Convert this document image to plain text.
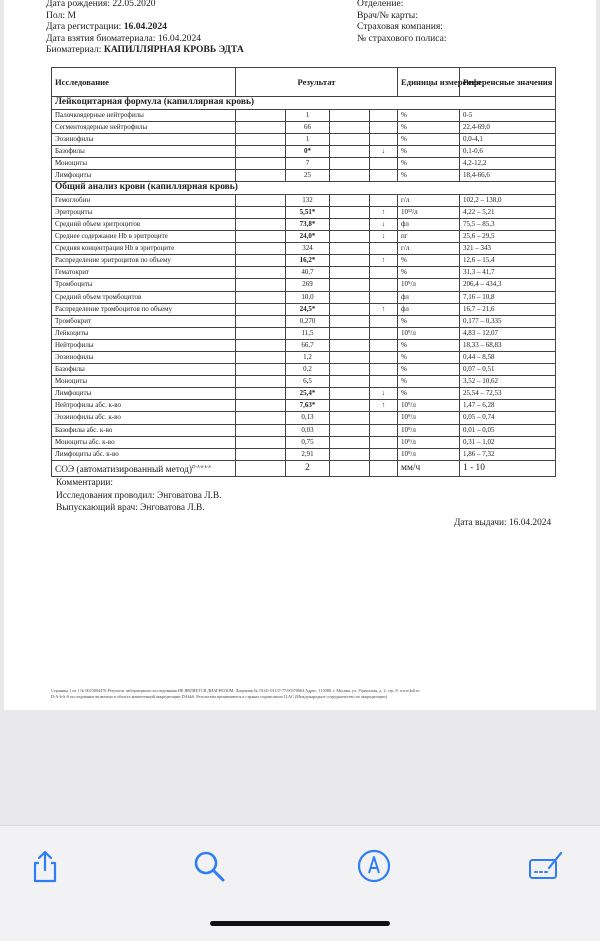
Дата рождения: 22.05.2020
Пол: М
Дата регистрации: 16.04.2024
Дата взятия биоматериала: 16.04.2024
Биоматериал: КАПИЛЛЯРНАЯ КРОВЬ ЭДТА
Отделение:
Врач/№ карты:
Страховая компания:
№ страхового полиса:
Исследование	Результат				Единицы измерения	Референсные значения
Лейкоцитарная формула (капиллярная кровь)						
Палочкоядерные нейтрофилы		1			%	0-5
Сегментоядерные нейтрофилы		66			%	22,4-69,0
Эозинофилы		1			%	0,0-4,1
Базофилы		0*		↓	%	0,1-0,6
Моноциты		7			%	4,2-12,2
Лимфоциты		25			%	18,4-66,6
Общий анализ крови (капиллярная кровь)						
Гемоглобин		132			г/л	102,2 – 138,0
Эритроциты		5,51*		↑	10¹²/л	4,22 – 5,21
Средний объем эритроцитов		73,8*		↓	фл	75,5 – 85,3
Среднее содержание Hb в эритроците		24,0*		↓	пг	25,6 – 29,5
Средняя концентрация Hb в эритроците		324			г/л	321 – 343
Распределение эритроцитов по объему		16,2*		↑	%	12,6 – 15,4
Гематокрит		40,7			%	31,3 – 41,7
Тромбоциты		269			10⁹/л	206,4 – 434,3
Средний объем тромбоцитов		10,0			фл	7,16 – 10,8
Распределение тромбоцитов по объему		24,5*		↑	фл	16,7 – 21,6
Тромбокрит		0,270			%	0,177 – 0,335
Лейкоциты		11,5			10⁹/л	4,83 – 12,07
Нейтрофилы		66,7			%	18,33 – 68,83
Эозинофилы		1,2			%	0,44 – 8,58
Базофилы		0,2			%	0,07 – 0,51
Моноциты		6,5			%	3,52 – 10,62
Лимфоциты		25,4*		↓	%	25,54 – 72,53
Нейтрофилы абс. к-во		7,63*		↑	10⁹/л	1,47 – 6,28
Эозинофилы абс. к-во		0,13			10⁹/л	0,05 – 0,74
Базофилы абс. к-во		0,03			10⁹/л	0,01 – 0,05
Моноциты абс. к-во		0,75			10⁹/л	0,31 – 1,02
Лимфоциты абс. к-во		2,91			10⁹/л	1,86 – 7,32
СОЭ (автоматизированный метод)$^{D-A-k-k-S}$		2			мм/ч	1 - 10
Комментарии:
Исследования проводил: Энговатова Л.В.
Выпускающий врач: Энговатова Л.В.
Дата выдачи: 16.04.2024
Страница 1 из 1 № 0025004476 Результат лабораторного исследования НЕ ЯВЛЯЕТСЯ ДИАГНОЗОМ. Лицензия № ЛО41-01137-77/00370664 Адрес: 115088, г. Москва, ул. Угрешская, д. 2, стр. 8. www.kdl.ru
D-A-k-k-S исследование включено в область компетенций аккредитации DAkkS. Результаты принимаются в странах подписантах ILAC (Международное сотрудничество по аккредитации)
